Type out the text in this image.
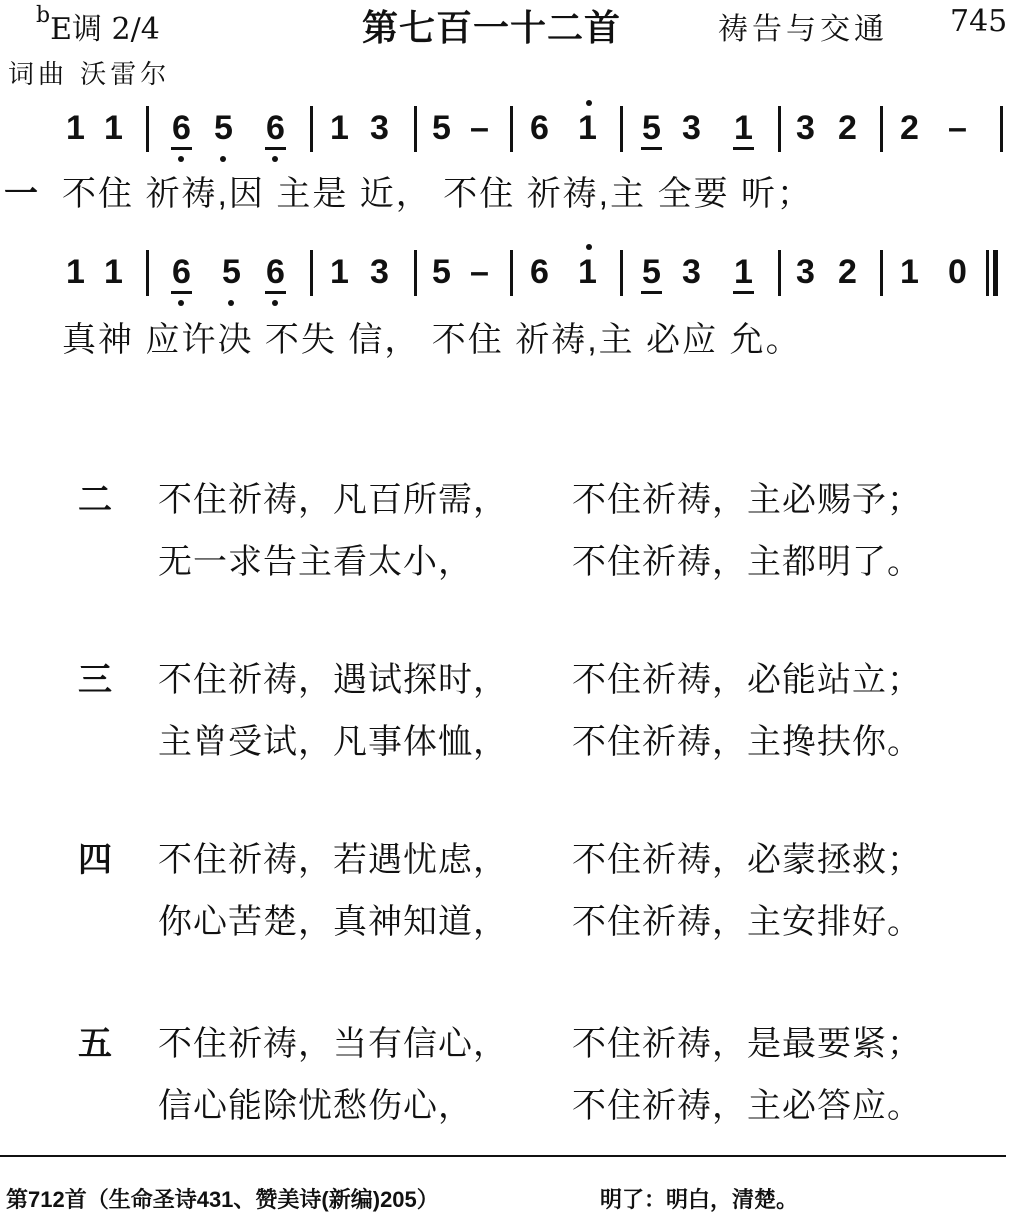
$^b$E调 2/4	第七百一十二首	祷告与交通 745
词曲 沃雷尔
1 1 6 5 6 1 3 5 – 6 1 5 3 1 3 2 2 –
一 不住 祈祷,因 主是 近， 不住 祈祷,主 全要 听；
1 1 6 5 6 1 3 5 – 6 1 5 3 1 3 2 1 0
真神 应许决 不失 信， 不住 祈祷,主 必应 允。
二 不住祈祷，凡百所需， 不住祈祷，主必赐予；
无一求告主看太小，	不住祈祷，主都明了。
三 不住祈祷，遇试探时， 不住祈祷，必能站立；
主曾受试，凡事体恤， 不住祈祷，主搀扶你。
四 不住祈祷，若遇忧虑， 不住祈祷，必蒙拯救；
你心苦楚，真神知道， 不住祈祷，主安排好。
五 不住祈祷，当有信心， 不住祈祷，是最要紧；
信心能除忧愁伤心，	不住祈祷，主必答应。
第712首（生命圣诗431、赞美诗(新编)205）	明了：明白，清楚。
